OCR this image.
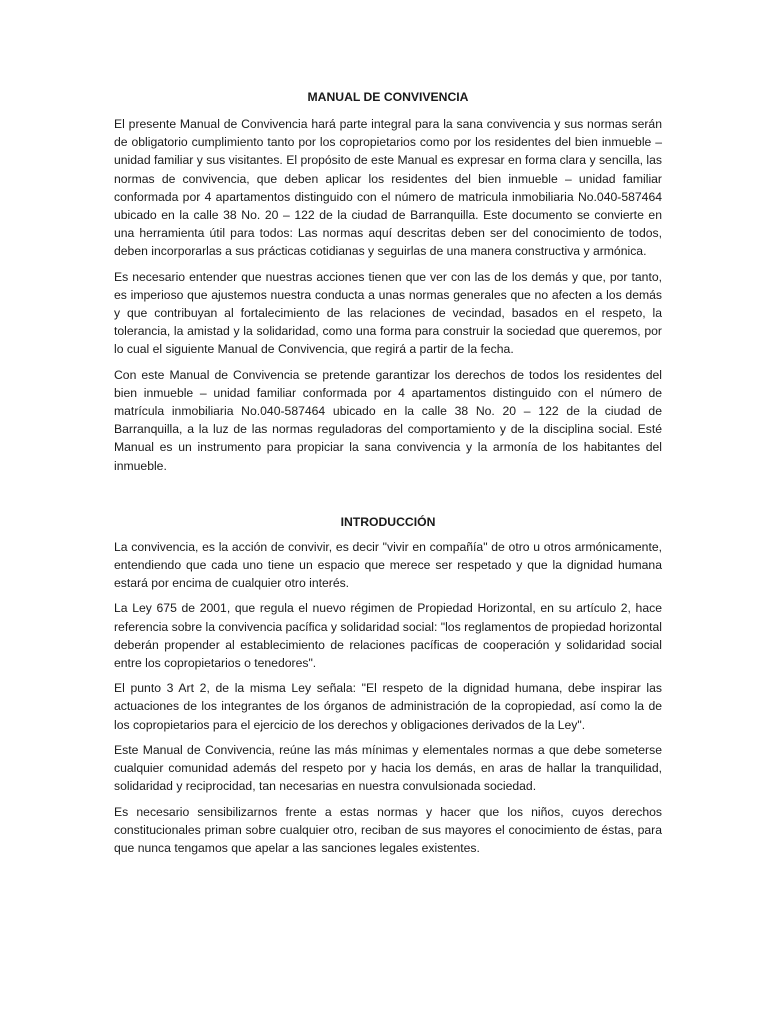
MANUAL DE CONVIVENCIA

El presente Manual de Convivencia hará parte integral para la sana convivencia y sus normas serán de obligatorio cumplimiento tanto por los copropietarios como por los residentes del bien inmueble – unidad familiar y sus visitantes. El propósito de este Manual es expresar en forma clara y sencilla, las normas de convivencia, que deben aplicar los residentes del bien inmueble – unidad familiar conformada por 4 apartamentos distinguido con el número de matricula inmobiliaria No.040-587464 ubicado en la calle 38 No. 20 – 122 de la ciudad de Barranquilla. Este documento se convierte en una herramienta útil para todos: Las normas aquí descritas deben ser del conocimiento de todos, deben incorporarlas a sus prácticas cotidianas y seguirlas de una manera constructiva y armónica.

Es necesario entender que nuestras acciones tienen que ver con las de los demás y que, por tanto, es imperioso que ajustemos nuestra conducta a unas normas generales que no afecten a los demás y que contribuyan al fortalecimiento de las relaciones de vecindad, basados en el respeto, la tolerancia, la amistad y la solidaridad, como una forma para construir la sociedad que queremos, por lo cual el siguiente Manual de Convivencia, que regirá a partir de la fecha.

Con este Manual de Convivencia se pretende garantizar los derechos de todos los residentes del bien inmueble – unidad familiar conformada por 4 apartamentos distinguido con el número de matrícula inmobiliaria No.040-587464 ubicado en la calle 38 No. 20 – 122 de la ciudad de Barranquilla, a la luz de las normas reguladoras del comportamiento y de la disciplina social. Esté Manual es un instrumento para propiciar la sana convivencia y la armonía de los habitantes del inmueble.

INTRODUCCIÓN

La convivencia, es la acción de convivir, es decir "vivir en compañía" de otro u otros armónicamente, entendiendo que cada uno tiene un espacio que merece ser respetado y que la dignidad humana estará por encima de cualquier otro interés.

La Ley 675 de 2001, que regula el nuevo régimen de Propiedad Horizontal, en su artículo 2, hace referencia sobre la convivencia pacífica y solidaridad social: "los reglamentos de propiedad horizontal deberán propender al establecimiento de relaciones pacíficas de cooperación y solidaridad social entre los copropietarios o tenedores".

El punto 3 Art 2, de la misma Ley señala: "El respeto de la dignidad humana, debe inspirar las actuaciones de los integrantes de los órganos de administración de la copropiedad, así como la de los copropietarios para el ejercicio de los derechos y obligaciones derivados de la Ley".

Este Manual de Convivencia, reúne las más mínimas y elementales normas a que debe someterse cualquier comunidad además del respeto por y hacia los demás, en aras de hallar la tranquilidad, solidaridad y reciprocidad, tan necesarias en nuestra convulsionada sociedad.

Es necesario sensibilizarnos frente a estas normas y hacer que los niños, cuyos derechos constitucionales priman sobre cualquier otro, reciban de sus mayores el conocimiento de éstas, para que nunca tengamos que apelar a las sanciones legales existentes.
